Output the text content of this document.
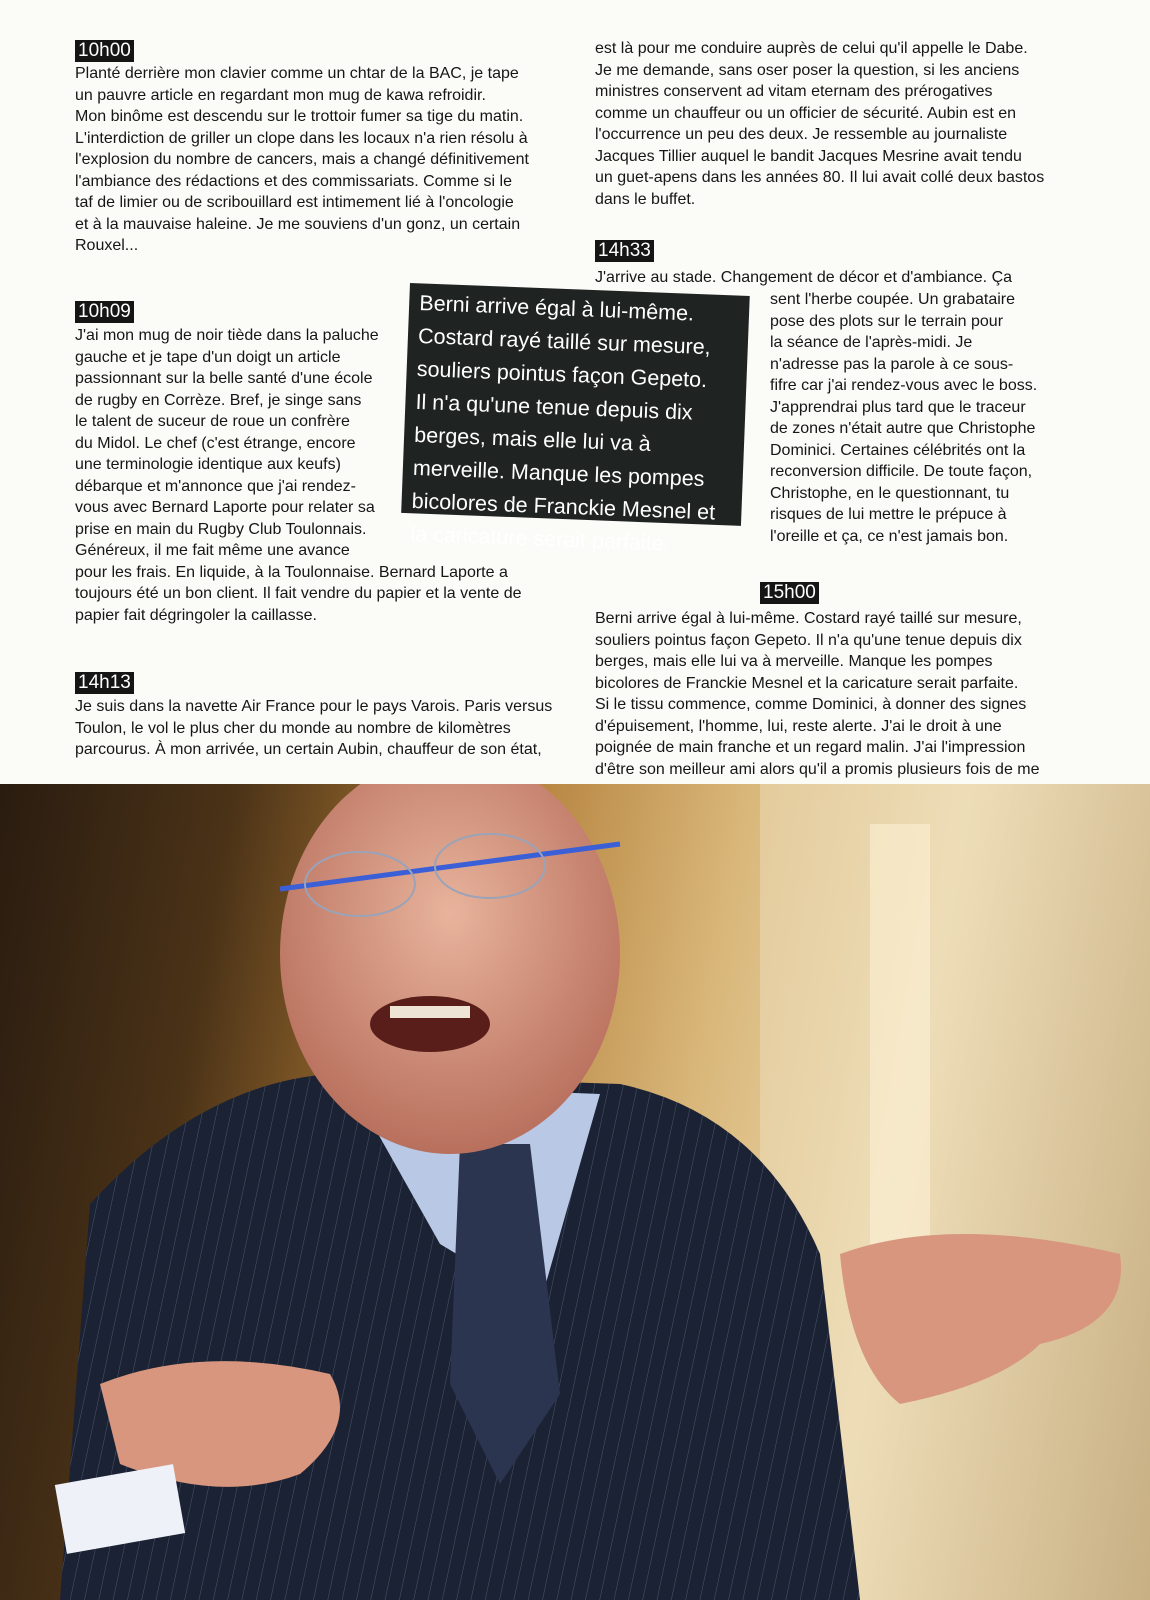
10h00

Planté derrière mon clavier comme un chtar de la BAC, je tape
un pauvre article en regardant mon mug de kawa refroidir.
Mon binôme est descendu sur le trottoir fumer sa tige du matin.
L'interdiction de griller un clope dans les locaux n'a rien résolu à
l'explosion du nombre de cancers, mais a changé définitivement
l'ambiance des rédactions et des commissariats. Comme si le
taf de limier ou de scribouillard est intimement lié à l'oncologie
et à la mauvaise haleine. Je me souviens d'un gonz, un certain
Rouxel...

10h09

J'ai mon mug de noir tiède dans la paluche
gauche et je tape d'un doigt un article
passionnant sur la belle santé d'une école
de rugby en Corrèze. Bref, je singe sans
le talent de suceur de roue un confrère
du Midol. Le chef (c'est étrange, encore
une terminologie identique aux keufs)
débarque et m'annonce que j'ai rendez-
vous avec Bernard Laporte pour relater sa
prise en main du Rugby Club Toulonnais.
Généreux, il me fait même une avance
pour les frais. En liquide, à la Toulonnaise. Bernard Laporte a
toujours été un bon client. Il fait vendre du papier et la vente de
papier fait dégringoler la caillasse.

14h13

Je suis dans la navette Air France pour le pays Varois. Paris versus
Toulon, le vol le plus cher du monde au nombre de kilomètres
parcourus. À mon arrivée, un certain Aubin, chauffeur de son état,

Berni arrive égal à lui-même.
Costard rayé taillé sur mesure,
souliers pointus façon Gepeto.
Il n'a qu'une tenue depuis dix
berges, mais elle lui va à
merveille. Manque les pompes
bicolores de Franckie Mesnel et
la caricature serait parfaite.

est là pour me conduire auprès de celui qu'il appelle le Dabe.
Je me demande, sans oser poser la question, si les anciens
ministres conservent ad vitam eternam des prérogatives
comme un chauffeur ou un officier de sécurité. Aubin est en
l'occurrence un peu des deux. Je ressemble au journaliste
Jacques Tillier auquel le bandit Jacques Mesrine avait tendu
un guet-apens dans les années 80. Il lui avait collé deux bastos
dans le buffet.

14h33

J'arrive au stade. Changement de décor et d'ambiance. Ça

sent l'herbe coupée. Un grabataire
pose des plots sur le terrain pour
la séance de l'après-midi. Je
n'adresse pas la parole à ce sous-
fifre car j'ai rendez-vous avec le boss.
J'apprendrai plus tard que le traceur
de zones n'était autre que Christophe
Dominici. Certaines célébrités ont la
reconversion difficile. De toute façon,
Christophe, en le questionnant, tu
risques de lui mettre le prépuce à
l'oreille et ça, ce n'est jamais bon.

15h00

Berni arrive égal à lui-même. Costard rayé taillé sur mesure,
souliers pointus façon Gepeto. Il n'a qu'une tenue depuis dix
berges, mais elle lui va à merveille. Manque les pompes
bicolores de Franckie Mesnel et la caricature serait parfaite.
Si le tissu commence, comme Dominici, à donner des signes
d'épuisement, l'homme, lui, reste alerte. J'ai le droit à une
poignée de main franche et un regard malin. J'ai l'impression
d'être son meilleur ami alors qu'il a promis plusieurs fois de me
